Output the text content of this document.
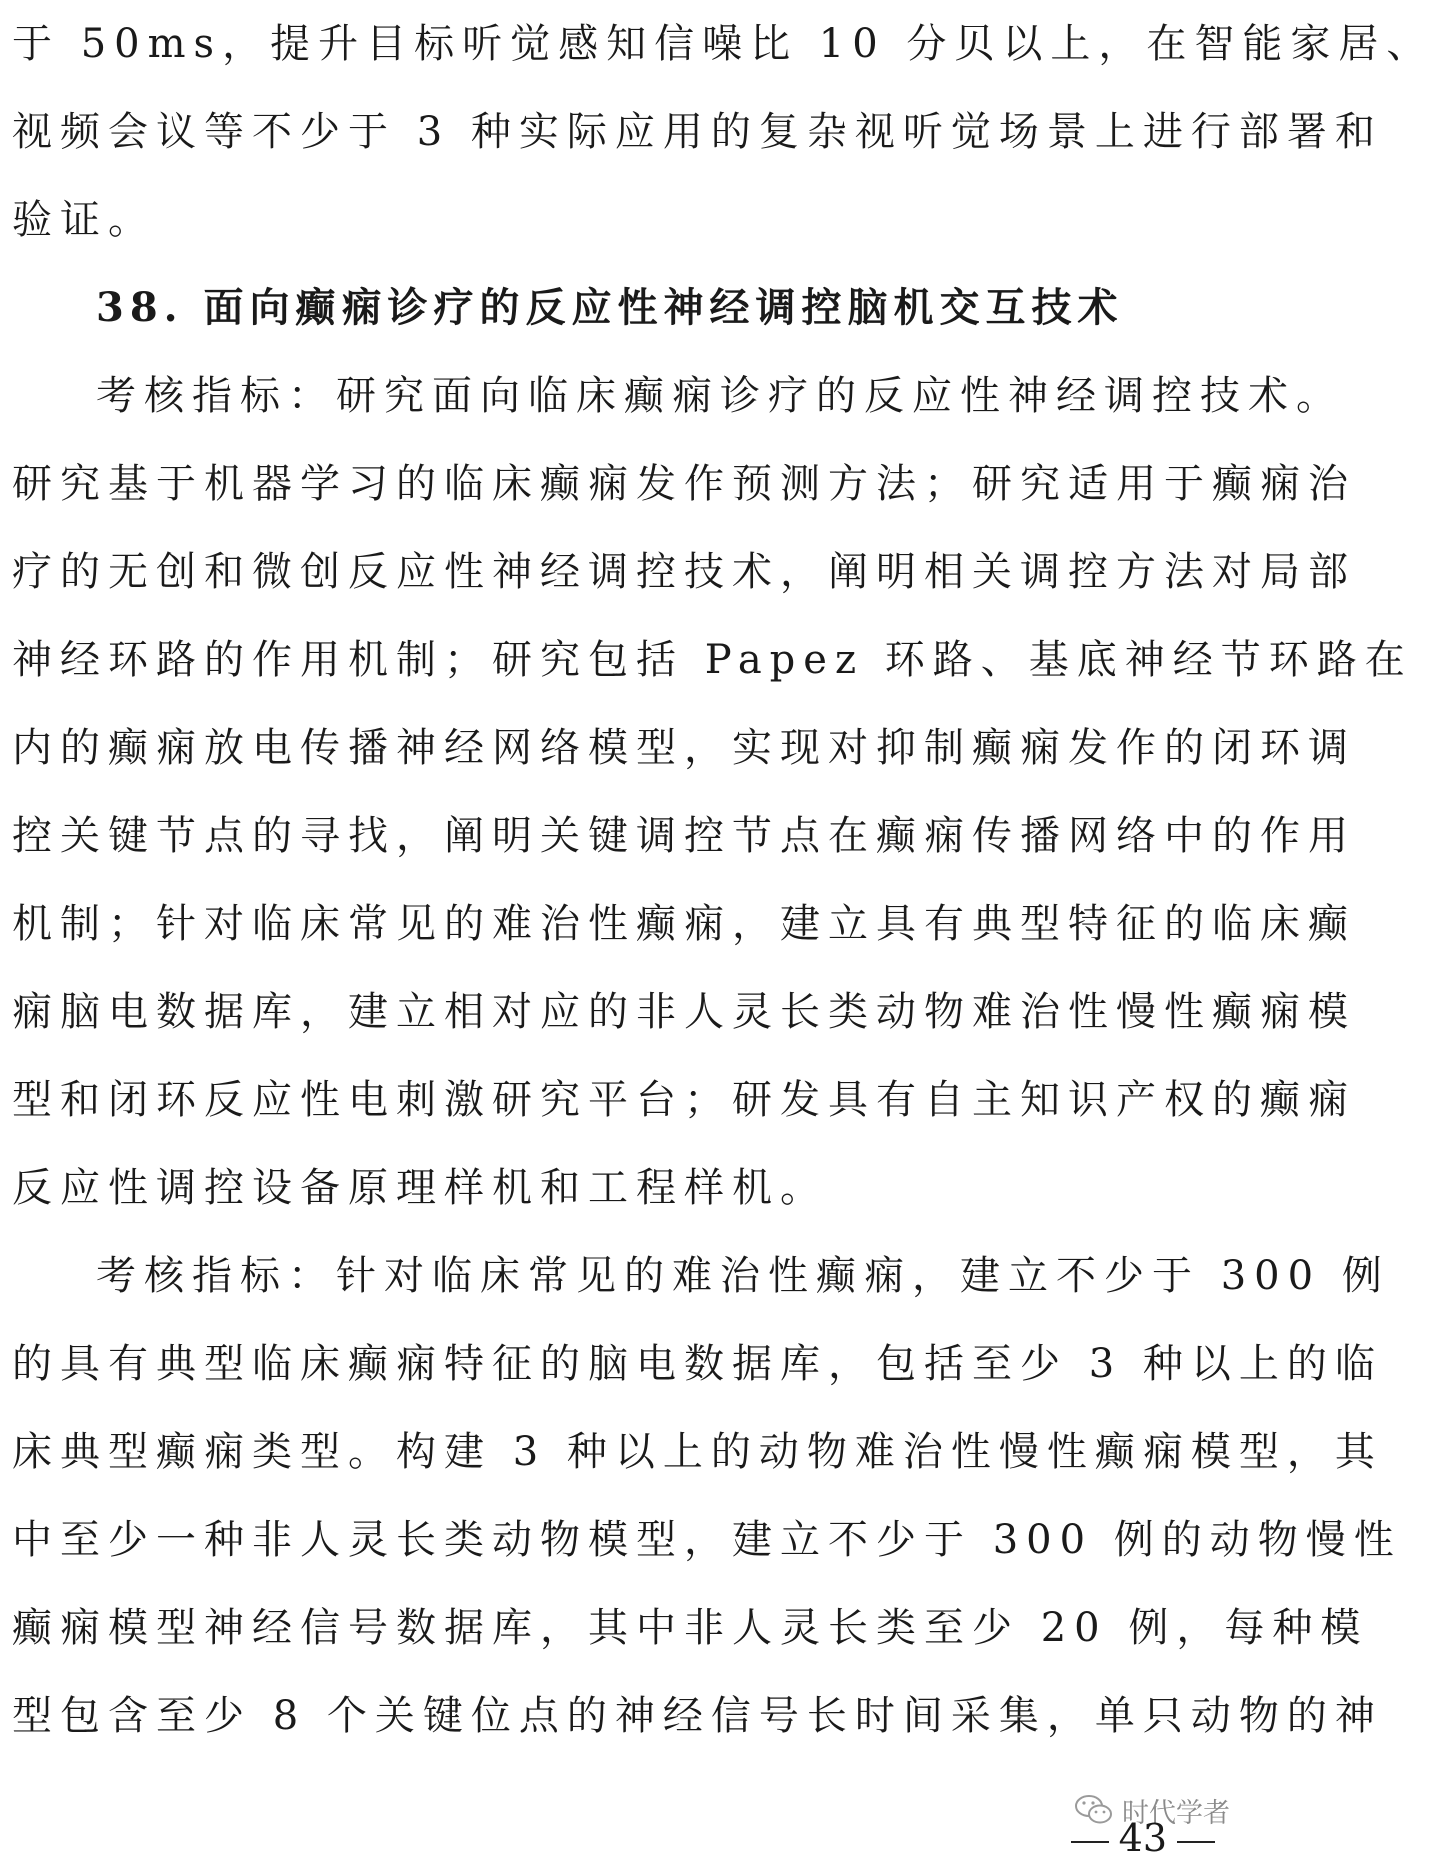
于 50ms，提升目标听觉感知信噪比 10 分贝以上，在智能家居、
视频会议等不少于 3 种实际应用的复杂视听觉场景上进行部署和
验证。
38. 面向癫痫诊疗的反应性神经调控脑机交互技术
考核指标：研究面向临床癫痫诊疗的反应性神经调控技术。
研究基于机器学习的临床癫痫发作预测方法；研究适用于癫痫治
疗的无创和微创反应性神经调控技术，阐明相关调控方法对局部
神经环路的作用机制；研究包括 Papez 环路、基底神经节环路在
内的癫痫放电传播神经网络模型，实现对抑制癫痫发作的闭环调
控关键节点的寻找，阐明关键调控节点在癫痫传播网络中的作用
机制；针对临床常见的难治性癫痫，建立具有典型特征的临床癫
痫脑电数据库，建立相对应的非人灵长类动物难治性慢性癫痫模
型和闭环反应性电刺激研究平台；研发具有自主知识产权的癫痫
反应性调控设备原理样机和工程样机。
考核指标：针对临床常见的难治性癫痫，建立不少于 300 例
的具有典型临床癫痫特征的脑电数据库，包括至少 3 种以上的临
床典型癫痫类型。构建 3 种以上的动物难治性慢性癫痫模型，其
中至少一种非人灵长类动物模型，建立不少于 300 例的动物慢性
癫痫模型神经信号数据库，其中非人灵长类至少 20 例，每种模
型包含至少 8 个关键位点的神经信号长时间采集，单只动物的神
时代学者
43
